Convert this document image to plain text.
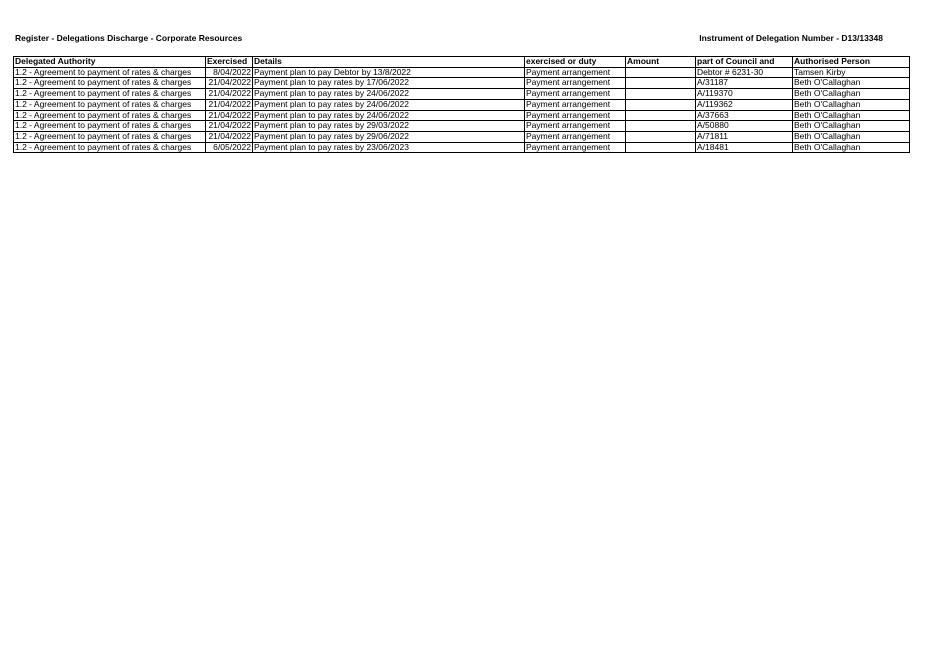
Register - Delegations Discharge - Corporate Resources	Instrument of Delegation Number - D13/13348
Delegated Authority	Exercised	Details	exercised or duty	Amount	part of Council and	Authorised Person
1.2 - Agreement to payment of rates & charges	8/04/2022	Payment plan to pay Debtor by 13/8/2022	Payment arrangement		Debtor # 6231-30	Tamsen Kirby
1.2 - Agreement to payment of rates & charges	21/04/2022	Payment plan to pay rates by 17/06/2022	Payment arrangement		A/31187	Beth O'Callaghan
1.2 - Agreement to payment of rates & charges	21/04/2022	Payment plan to pay rates by 24/06/2022	Payment arrangement		A/119370	Beth O'Callaghan
1.2 - Agreement to payment of rates & charges	21/04/2022	Payment plan to pay rates by 24/06/2022	Payment arrangement		A/119362	Beth O'Callaghan
1.2 - Agreement to payment of rates & charges	21/04/2022	Payment plan to pay rates by 24/06/2022	Payment arrangement		A/37663	Beth O'Callaghan
1.2 - Agreement to payment of rates & charges	21/04/2022	Payment plan to pay rates by 29/03/2022	Payment arrangement		A/50880	Beth O'Callaghan
1.2 - Agreement to payment of rates & charges	21/04/2022	Payment plan to pay rates by 29/06/2022	Payment arrangement		A/71811	Beth O'Callaghan
1.2 - Agreement to payment of rates & charges	6/05/2022	Payment plan to pay rates by 23/06/2023	Payment arrangement		A/18481	Beth O'Callaghan
